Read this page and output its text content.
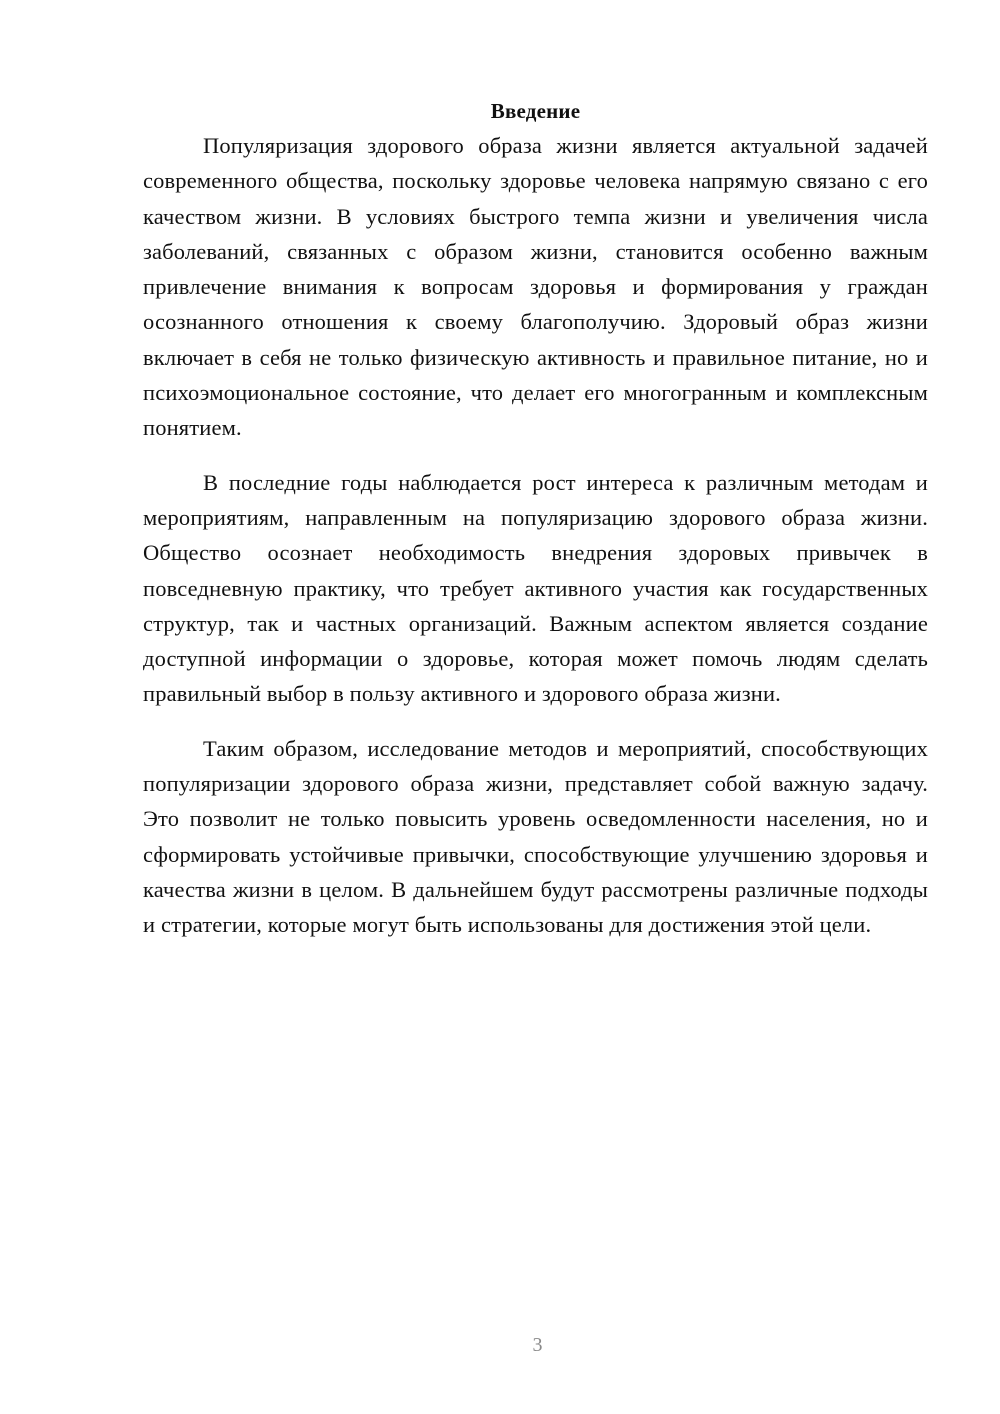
Введение

Популяризация здорового образа жизни является актуальной задачей современного общества, поскольку здоровье человека напрямую связано с его качеством жизни. В условиях быстрого темпа жизни и увеличения числа заболеваний, связанных с образом жизни, становится особенно важным привлечение внимания к вопросам здоровья и формирования у граждан осознанного отношения к своему благополучию. Здоровый образ жизни включает в себя не только физическую активность и правильное питание, но и психоэмоциональное состояние, что делает его многогранным и комплексным понятием.

В последние годы наблюдается рост интереса к различным методам и мероприятиям, направленным на популяризацию здорового образа жизни. Общество осознает необходимость внедрения здоровых привычек в повседневную практику, что требует активного участия как государственных структур, так и частных организаций. Важным аспектом является создание доступной информации о здоровье, которая может помочь людям сделать правильный выбор в пользу активного и здорового образа жизни.

Таким образом, исследование методов и мероприятий, способствующих популяризации здорового образа жизни, представляет собой важную задачу. Это позволит не только повысить уровень осведомленности населения, но и сформировать устойчивые привычки, способствующие улучшению здоровья и качества жизни в целом. В дальнейшем будут рассмотрены различные подходы и стратегии, которые могут быть использованы для достижения этой цели.

3
